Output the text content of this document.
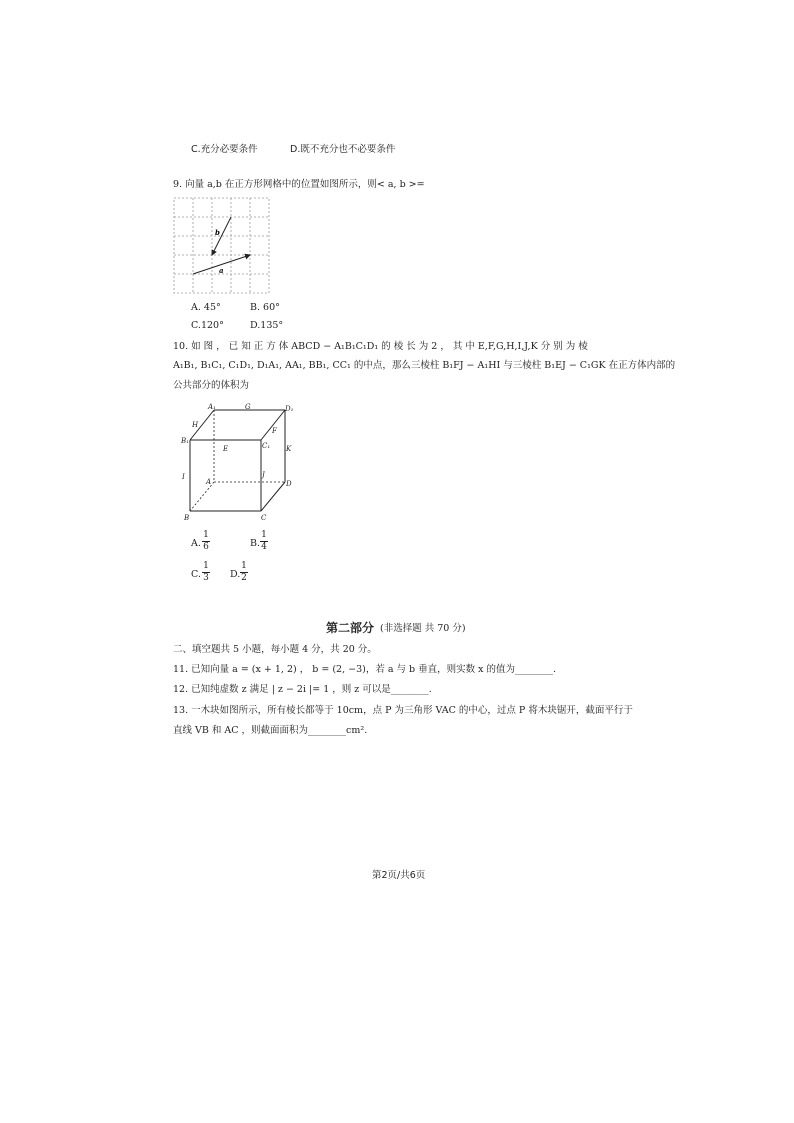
C.充分必要条件	D.既不充分也不必要条件
9. 向量 a,b 在正方形网格中的位置如图所示，则< a, b >=
b
a
A. 45°	B. 60°
C.120°	D.135°
10. 如 图 ， 已 知 正 方 体 ABCD − A₁B₁C₁D₁ 的 棱 长 为 2 ， 其 中 E,F,G,H,I,J,K 分 别 为 棱
A₁B₁, B₁C₁, C₁D₁, D₁A₁, AA₁, BB₁, CC₁ 的中点，那么三棱柱 B₁FJ − A₁HI 与三棱柱 B₁EJ − C₁GK 在正方体内部的
公共部分的体积为
A₁	G	D₁
H
F
B₁
E	C₁ K
I	J
A	D
B	C
A.
1
6	B.
1
4
C.
1
3 D.
1
2
第二部分 (非选择题 共 70 分)
二、填空题共 5 小题，每小题 4 分，共 20 分。
11. 已知向量 a = (x + 1, 2) ， b = (2, −3)，若 a 与 b 垂直，则实数 x 的值为________.
12. 已知纯虚数 z 满足 | z − 2i |= 1 ，则 z 可以是________.
13. 一木块如图所示，所有棱长都等于 10cm，点 P 为三角形 VAC 的中心，过点 P 将木块锯开，截面平行于
直线 VB 和 AC ，则截面面积为________cm².
第2页/共6页
